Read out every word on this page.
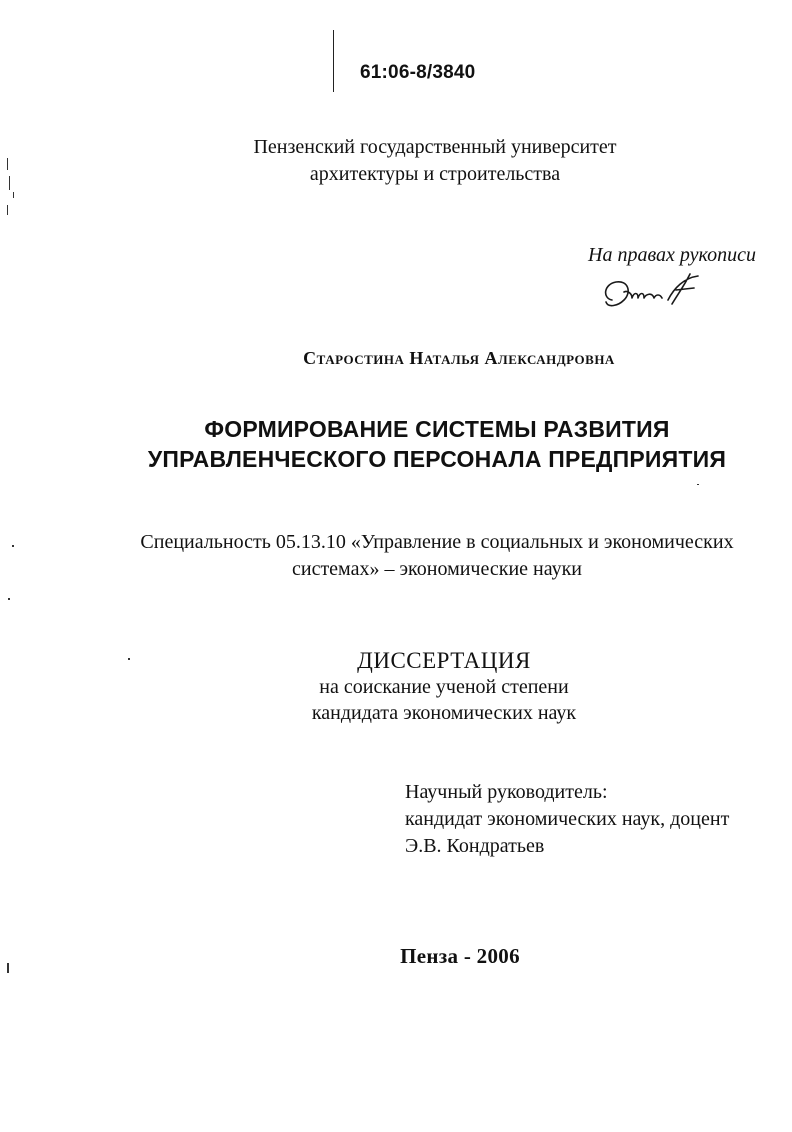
61:06-8/3840
Пензенский государственный университет
архитектуры и строительства
На правах рукописи
Старостина Наталья Александровна
ФОРМИРОВАНИЕ СИСТЕМЫ РАЗВИТИЯ
УПРАВЛЕНЧЕСКОГО ПЕРСОНАЛА ПРЕДПРИЯТИЯ
Специальность 05.13.10 «Управление в социальных и экономических
системах» – экономические науки
ДИССЕРТАЦИЯ
на соискание ученой степени
кандидата экономических наук
Научный руководитель:
кандидат экономических наук, доцент
Э.В. Кондратьев
Пенза - 2006
